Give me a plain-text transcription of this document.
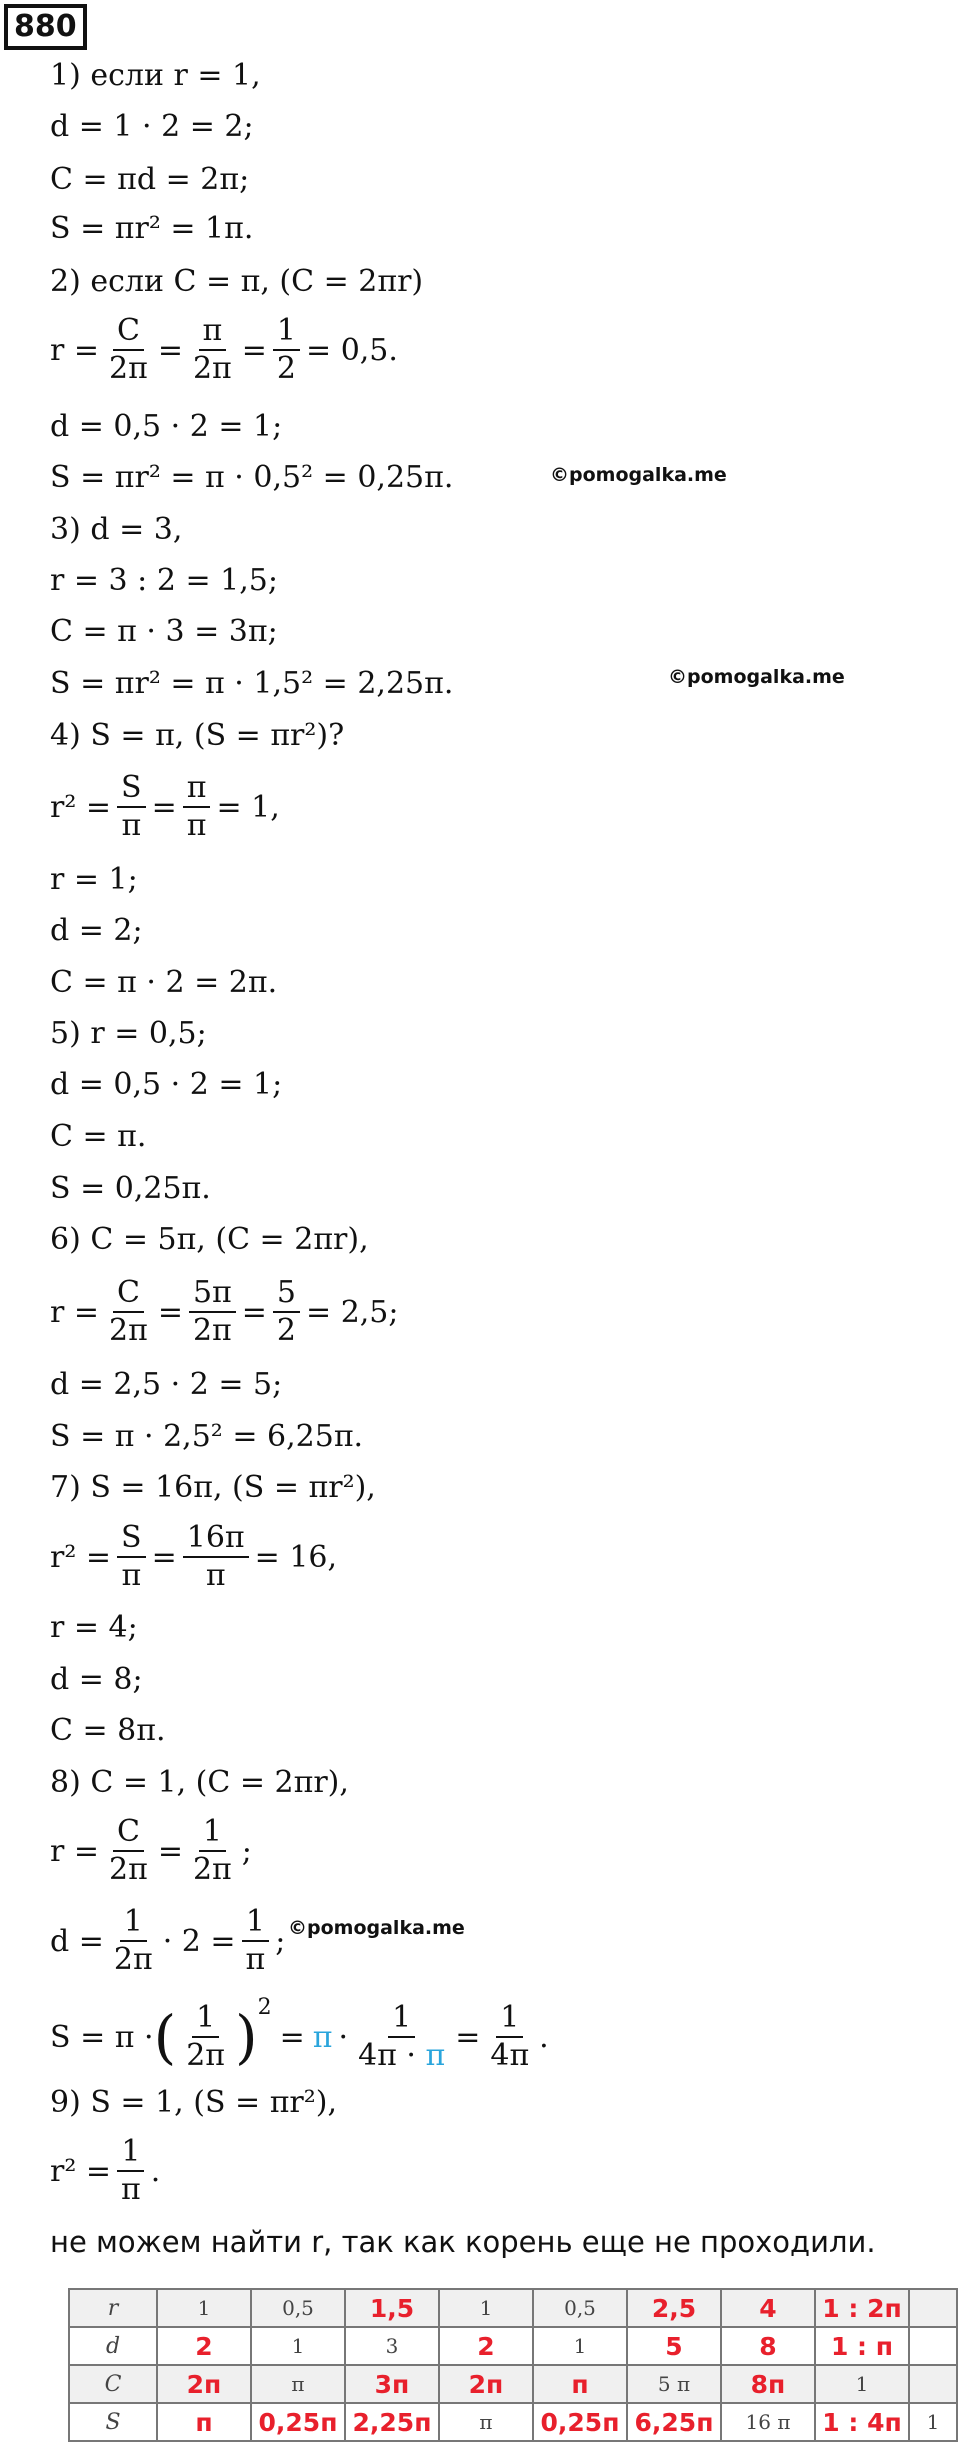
880
1) если r = 1,
d = 1 · 2 = 2;
C = πd = 2π;
S = πr² = 1π.
2) если C = π, (C = 2πr)
$r = \frac{C}{2\pi} = \frac{\pi}{2\pi} = \frac{1}{2} = 0,5$.
d = 0,5 · 2 = 1;
S = πr² = π · 0,5² = 0,25π.	©pomogalka.me
3) d = 3,
r = 3 : 2 = 1,5;
C = π · 3 = 3π;
S = πr² = π · 1,5² = 2,25π.	©pomogalka.me
4) S = π, (S = πr²)?
$r^2 = \frac{S}{\pi} = \frac{\pi}{\pi} = 1$,
r = 1;
d = 2;
C = π · 2 = 2π.
5) r = 0,5;
d = 0,5 · 2 = 1;
C = π.
S = 0,25π.
6) C = 5π, (C = 2πr),
$r = \frac{C}{2\pi} = \frac{5\pi}{2\pi} = \frac{5}{2} = 2,5$;
d = 2,5 · 2 = 5;
S = π · 2,5² = 6,25π.
7) S = 16π, (S = πr²),
$r^2 = \frac{S}{\pi} = \frac{16\pi}{\pi} = 16$,
r = 4;
d = 8;
C = 8π.
8) C = 1, (C = 2πr),
$r = \frac{C}{2\pi} = \frac{1}{2\pi}$ ;
$d = \frac{1}{2\pi} \cdot 2 = \frac{1}{\pi}$ ; ©pomogalka.me
S = π · ( $\frac{1}{2\pi}$ ) 2
= $\pi \cdot \frac{1}{4\pi \cdot \pi} = \frac{1}{4\pi}$ .
9) S = 1, (S = πr²),
$r^2 = \frac{1}{\pi}$ .
не можем найти r, так как корень еще не проходили.
r	1	0,5	1,5	1	0,5	2,5	4	1 : 2п	
d	2	1	3	2	1	5	8	1 : п	
C	2п	π	3п	2п	п	5 π	8п	1	
S	п	0,25п	2,25п	π	0,25п	6,25п	16 π	1 : 4п	1
